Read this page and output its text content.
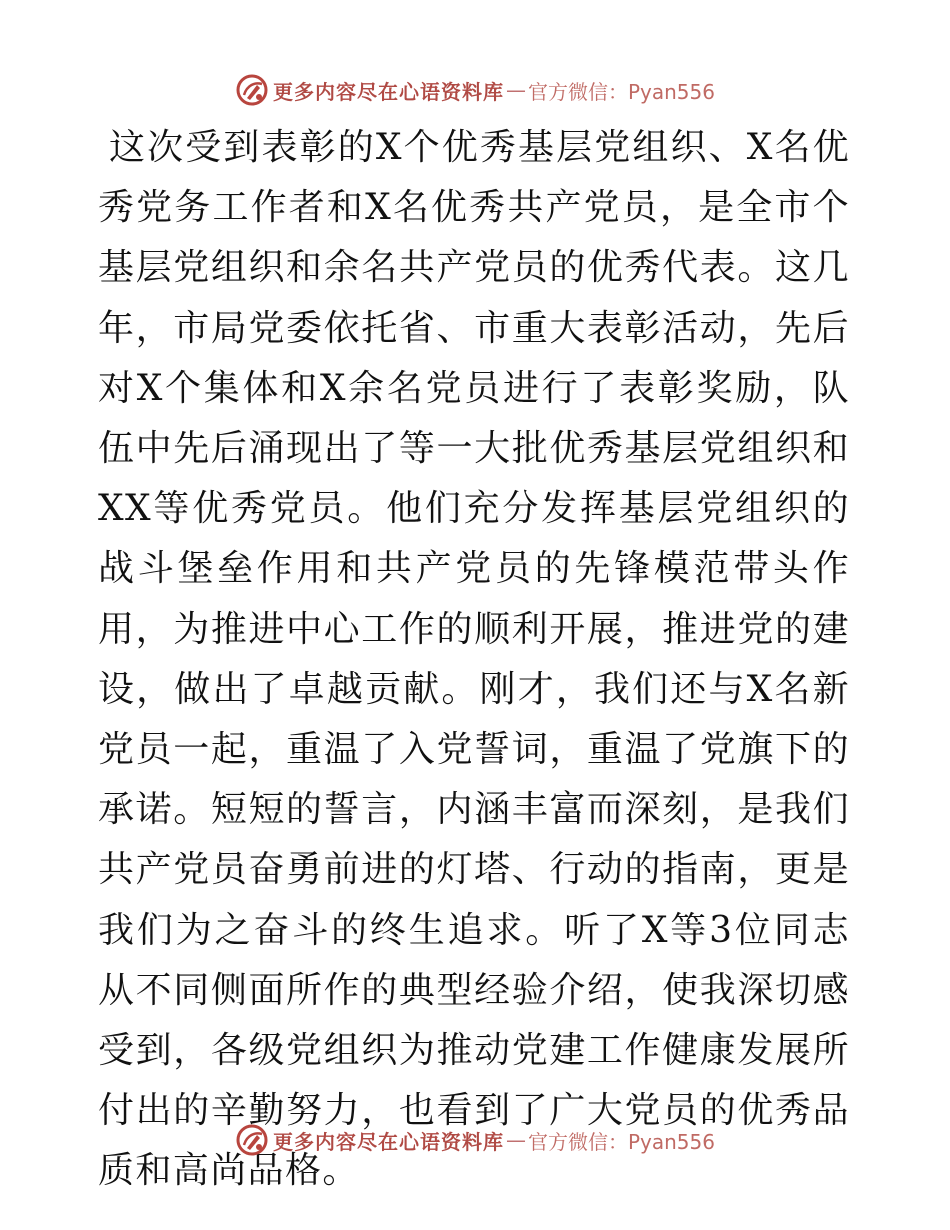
更多内容尽在心语资料库 — 官方微信：Pyan556

这次受到表彰的X个优秀基层党组织、X名优秀党务工作者和X名优秀共产党员，是全市个基层党组织和余名共产党员的优秀代表。这几年，市局党委依托省、市重大表彰活动，先后对X个集体和X余名党员进行了表彰奖励，队伍中先后涌现出了等一大批优秀基层党组织和XX等优秀党员。他们充分发挥基层党组织的战斗堡垒作用和共产党员的先锋模范带头作用，为推进中心工作的顺利开展，推进党的建设，做出了卓越贡献。刚才，我们还与X名新党员一起，重温了入党誓词，重温了党旗下的承诺。短短的誓言，内涵丰富而深刻，是我们共产党员奋勇前进的灯塔、行动的指南，更是我们为之奋斗的终生追求。听了X等3位同志从不同侧面所作的典型经验介绍，使我深切感受到，各级党组织为推动党建工作健康发展所付出的辛勤努力，也看到了广大党员的优秀品质和高尚品格。

更多内容尽在心语资料库 — 官方微信：Pyan556
